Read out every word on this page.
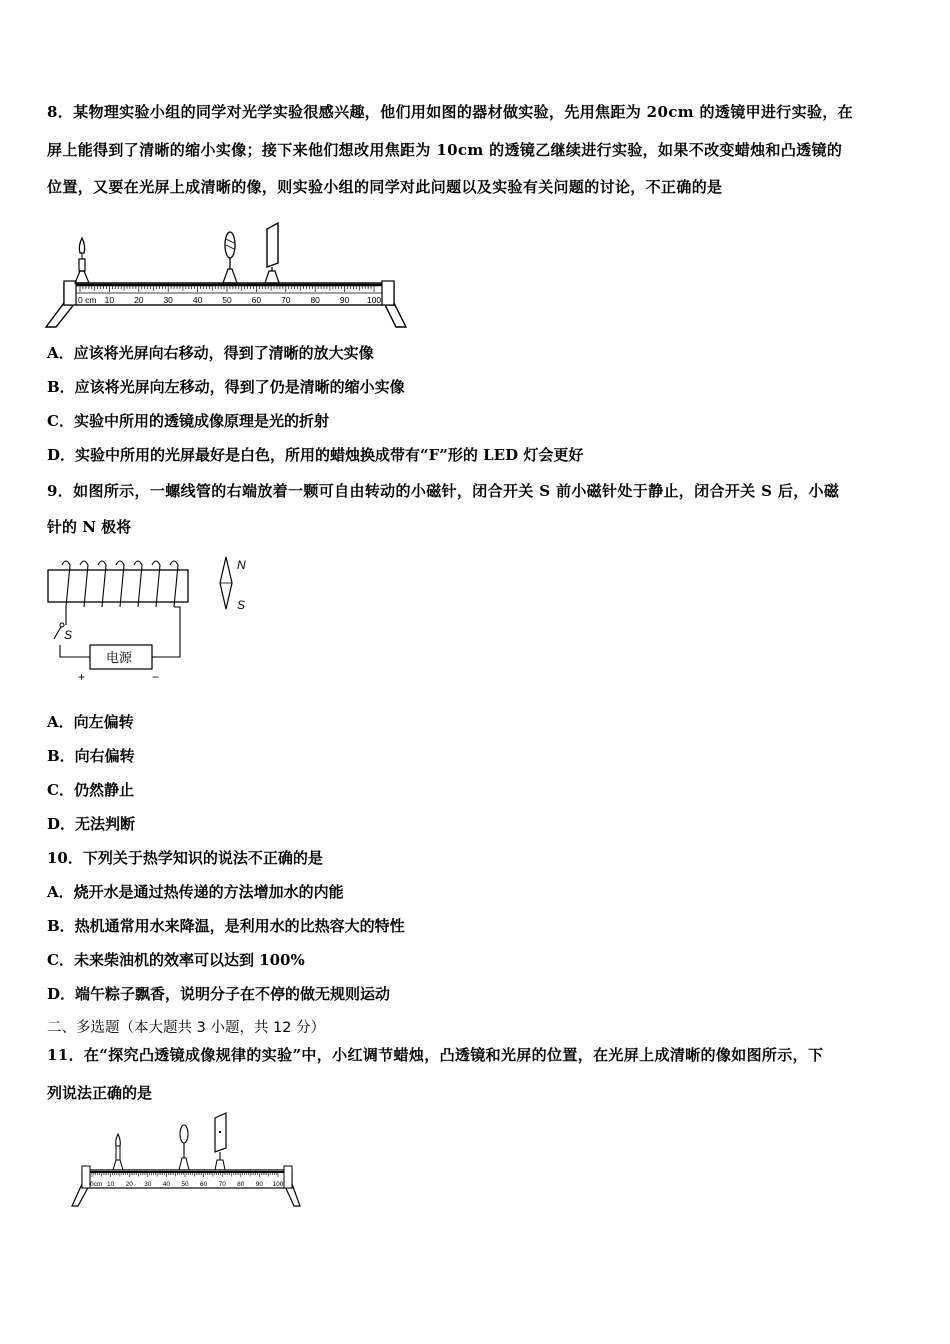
8．某物理实验小组的同学对光学实验很感兴趣，他们用如图的器材做实验，先用焦距为 20cm 的透镜甲进行实验，在
屏上能得到了清晰的缩小实像；接下来他们想改用焦距为 10cm 的透镜乙继续进行实验，如果不改变蜡烛和凸透镜的
位置，又要在光屏上成清晰的像，则实验小组的同学对此问题以及实验有关问题的讨论，不正确的是
0 cm 10 20 30 40 50 60 70 80 90 100
A．应该将光屏向右移动，得到了清晰的放大实像
B．应该将光屏向左移动，得到了仍是清晰的缩小实像
C．实验中所用的透镜成像原理是光的折射
D．实验中所用的光屏最好是白色，所用的蜡烛换成带有“F”形的 LED 灯会更好
9．如图所示，一螺线管的右端放着一颗可自由转动的小磁针，闭合开关 S 前小磁针处于静止，闭合开关 S 后，小磁
针的 N 极将
S
电源
+	−
N
S
A．向左偏转
B．向右偏转
C．仍然静止
D．无法判断
10．下列关于热学知识的说法不正确的是
A．烧开水是通过热传递的方法增加水的内能
B．热机通常用水来降温，是利用水的比热容大的特性
C．未来柴油机的效率可以达到 100%
D．端午粽子飘香，说明分子在不停的做无规则运动
二、多选题（本大题共 3 小题，共 12 分）
11．在“探究凸透镜成像规律的实验”中，小红调节蜡烛，凸透镜和光屏的位置，在光屏上成清晰的像如图所示，下
列说法正确的是
0cm 10 20 30 40 50 60 70 80 90 100
